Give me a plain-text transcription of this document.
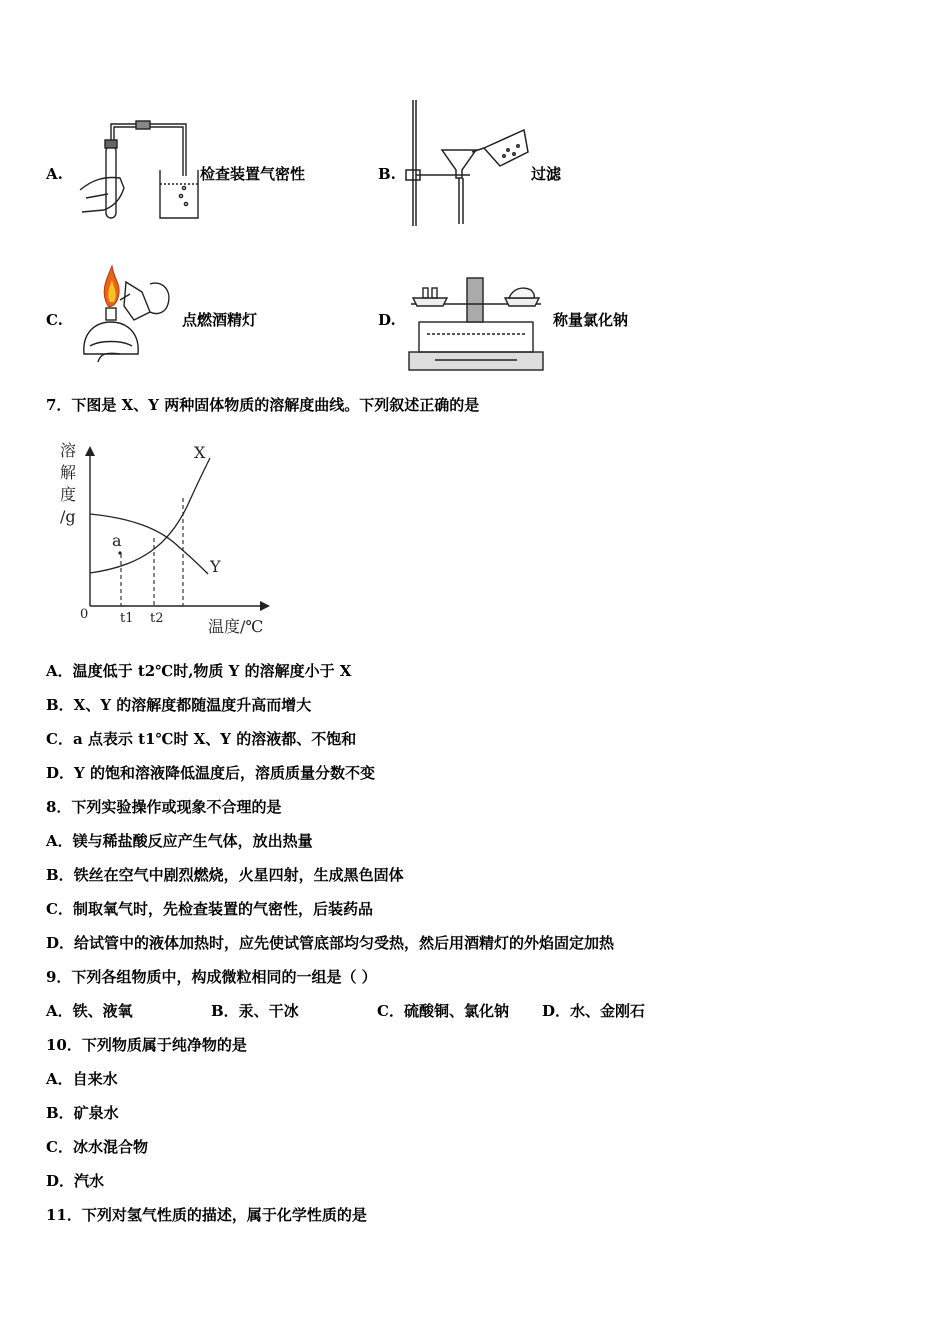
A.	检查装置气密性	B.	过滤
C.	点燃酒精灯	D.	称量氯化钠
7．下图是 X、Y 两种固体物质的溶解度曲线。下列叙述正确的是
溶
解
度
/g
0 t1 t2	温度/℃
X
Y
a
A．温度低于 t2℃时,物质 Y 的溶解度小于 X
B．X、Y 的溶解度都随温度升高而增大
C．a 点表示 t1℃时 X、Y 的溶液都、不饱和
D．Y 的饱和溶液降低温度后，溶质质量分数不变
8．下列实验操作或现象不合理的是
A．镁与稀盐酸反应产生气体，放出热量
B．铁丝在空气中剧烈燃烧，火星四射，生成黑色固体
C．制取氧气时，先检查装置的气密性，后装药品
D．给试管中的液体加热时，应先使试管底部均匀受热，然后用酒精灯的外焰固定加热
9．下列各组物质中，构成微粒相同的一组是（ ）
A．铁、液氧	B．汞、干冰	C．硫酸铜、氯化钠 D．水、金刚石
10．下列物质属于纯净物的是
A．自来水
B．矿泉水
C．冰水混合物
D．汽水
11．下列对氢气性质的描述，属于化学性质的是
